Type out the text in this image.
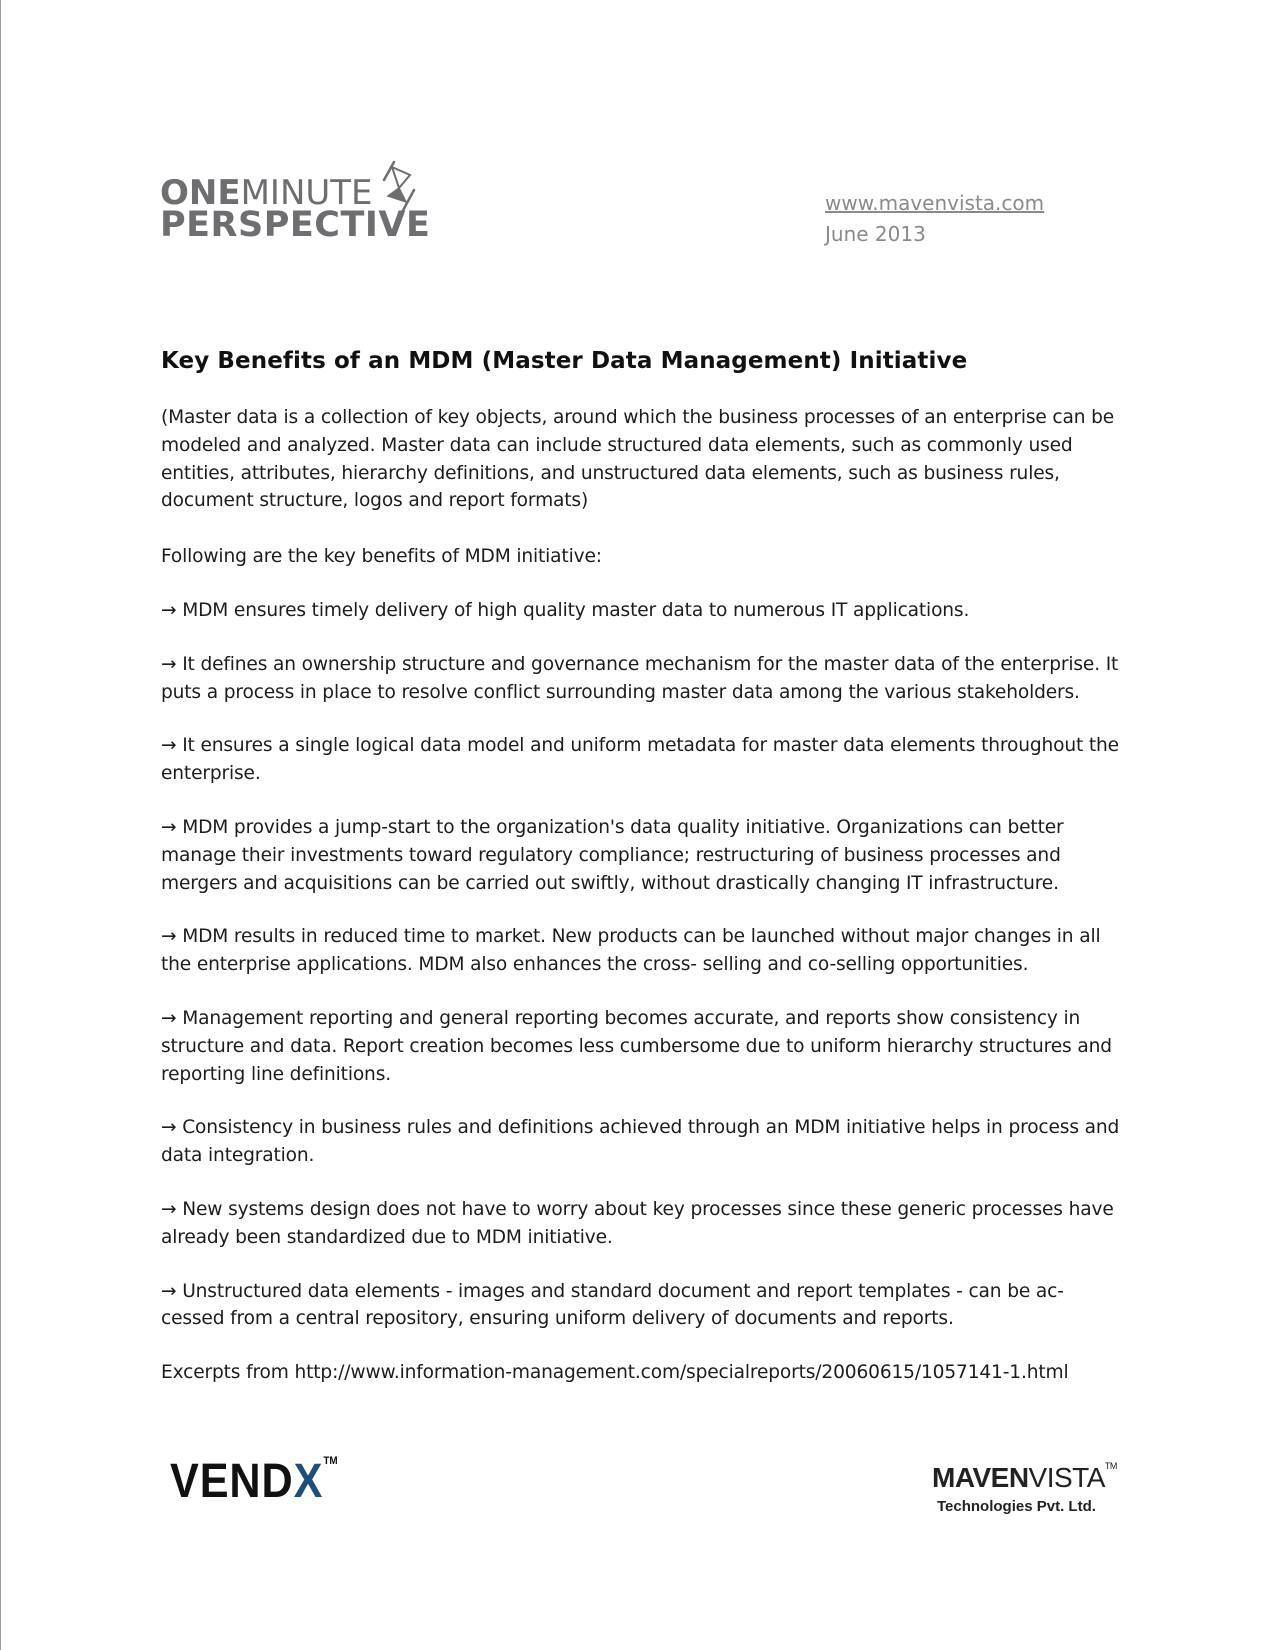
ONEMINUTE
PERSPECTIVE
www.mavenvista.com
June 2013
Key Benefits of an MDM (Master Data Management) Initiative

(Master data is a collection of key objects, around which the business processes of an enterprise can be modeled and analyzed. Master data can include structured data elements, such as commonly used entities, attributes, hierarchy definitions, and unstructured data elements, such as business rules, document structure, logos and report formats)

Following are the key benefits of MDM initiative:

→ MDM ensures timely delivery of high quality master data to numerous IT applications.

→ It defines an ownership structure and governance mechanism for the master data of the enterprise. It puts a process in place to resolve conflict surrounding master data among the various stakeholders.

→ It ensures a single logical data model and uniform metadata for master data elements throughout the enterprise.

→ MDM provides a jump-start to the organization's data quality initiative. Organizations can better manage their investments toward regulatory compliance; restructuring of business processes and mergers and acquisitions can be carried out swiftly, without drastically changing IT infrastructure.

→ MDM results in reduced time to market. New products can be launched without major changes in all the enterprise applications. MDM also enhances the cross- selling and co-selling opportunities.

→ Management reporting and general reporting becomes accurate, and reports show consistency in structure and data. Report creation becomes less cumbersome due to uniform hierarchy structures and reporting line definitions.

→ Consistency in business rules and definitions achieved through an MDM initiative helps in process and data integration.

→ New systems design does not have to worry about key processes since these generic processes have already been standardized due to MDM initiative.

→ Unstructured data elements - images and standard document and report templates - can be ac-cessed from a central repository, ensuring uniform delivery of documents and reports.

Excerpts from http://www.information-management.com/specialreports/20060615/1057141-1.html

VENDX™
MAVENVISTA™
Technologies Pvt. Ltd.
